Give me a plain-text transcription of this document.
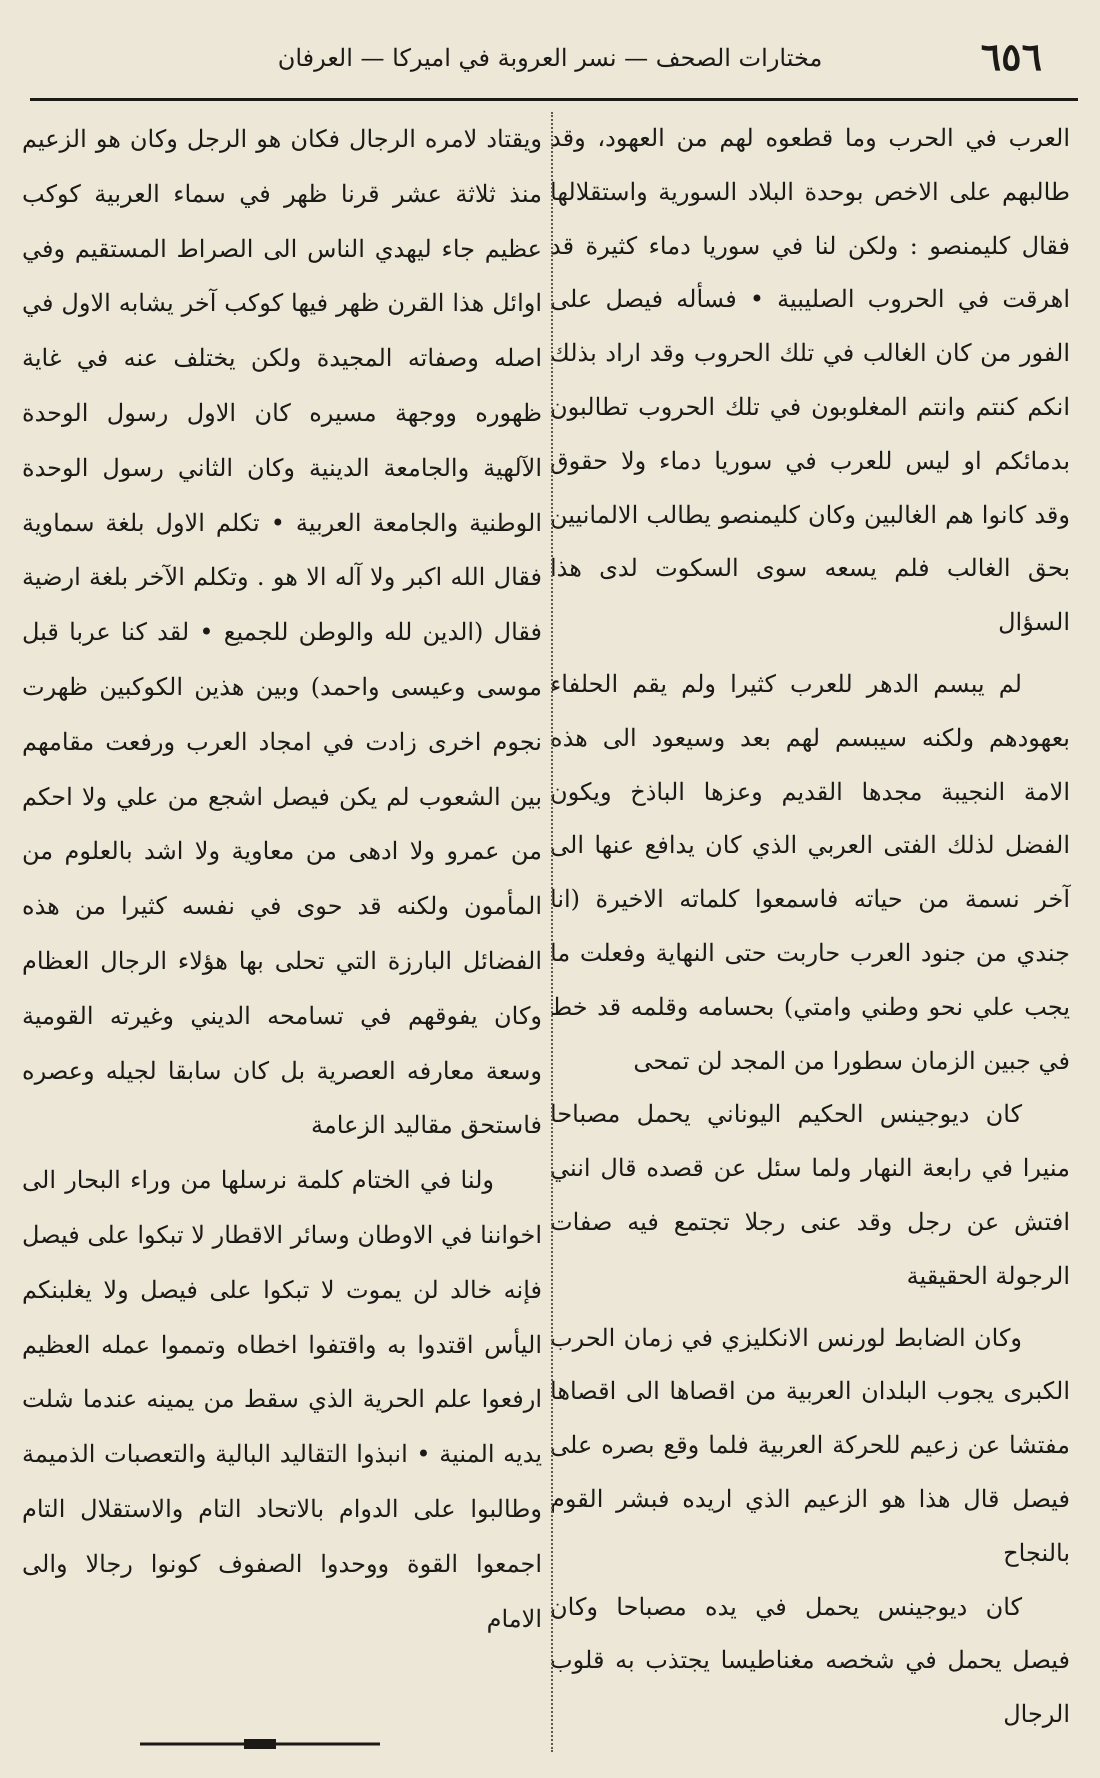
٦٥٦
مختارات الصحف — نسر العروبة في اميركا — العرفان

العرب في الحرب وما قطعوه لهم من العهود، وقد طالبهم على الاخص بوحدة البلاد السورية واستقلالها فقال كليمنصو : ولكن لنا في سوريا دماء كثيرة قد اهرقت في الحروب الصليبية • فسأله فيصل على الفور من كان الغالب في تلك الحروب وقد اراد بذلك انكم كنتم وانتم المغلوبون في تلك الحروب تطالبون بدمائكم او ليس للعرب في سوريا دماء ولا حقوق وقد كانوا هم الغالبين وكان كليمنصو يطالب الالمانيين بحق الغالب فلم يسعه سوى السكوت لدى هذا السؤال

لم يبسم الدهر للعرب كثيرا ولم يقم الحلفاء بعهودهم ولكنه سيبسم لهم بعد وسيعود الى هذه الامة النجيبة مجدها القديم وعزها الباذخ ويكون الفضل لذلك الفتى العربي الذي كان يدافع عنها الى آخر نسمة من حياته فاسمعوا كلماته الاخيرة (انا جندي من جنود العرب حاربت حتى النهاية وفعلت ما يجب علي نحو وطني وامتي) بحسامه وقلمه قد خط في جبين الزمان سطورا من المجد لن تمحى

كان ديوجينس الحكيم اليوناني يحمل مصباحا منيرا في رابعة النهار ولما سئل عن قصده قال انني افتش عن رجل وقد عنى رجلا تجتمع فيه صفات الرجولة الحقيقية

وكان الضابط لورنس الانكليزي في زمان الحرب الكبرى يجوب البلدان العربية من اقصاها الى اقصاها مفتشا عن زعيم للحركة العربية فلما وقع بصره على فيصل قال هذا هو الزعيم الذي اريده فبشر القوم بالنجاح

كان ديوجينس يحمل في يده مصباحا وكان فيصل يحمل في شخصه مغناطيسا يجتذب به قلوب الرجال

ويقتاد لامره الرجال فكان هو الرجل وكان هو الزعيم منذ ثلاثة عشر قرنا ظهر في سماء العربية كوكب عظيم جاء ليهدي الناس الى الصراط المستقيم وفي اوائل هذا القرن ظهر فيها كوكب آخر يشابه الاول في اصله وصفاته المجيدة ولكن يختلف عنه في غاية ظهوره ووجهة مسيره كان الاول رسول الوحدة الآلهية والجامعة الدينية وكان الثاني رسول الوحدة الوطنية والجامعة العربية • تكلم الاول بلغة سماوية فقال الله اكبر ولا آله الا هو . وتكلم الآخر بلغة ارضية فقال (الدين لله والوطن للجميع • لقد كنا عربا قبل موسى وعيسى واحمد) وبين هذين الكوكبين ظهرت نجوم اخرى زادت في امجاد العرب ورفعت مقامهم بين الشعوب لم يكن فيصل اشجع من علي ولا احكم من عمرو ولا ادهى من معاوية ولا اشد بالعلوم من المأمون ولكنه قد حوى في نفسه كثيرا من هذه الفضائل البارزة التي تحلى بها هؤلاء الرجال العظام وكان يفوقهم في تسامحه الديني وغيرته القومية وسعة معارفه العصرية بل كان سابقا لجيله وعصره فاستحق مقاليد الزعامة

ولنا في الختام كلمة نرسلها من وراء البحار الى اخواننا في الاوطان وسائر الاقطار لا تبكوا على فيصل فإنه خالد لن يموت لا تبكوا على فيصل ولا يغلبنكم اليأس اقتدوا به واقتفوا اخطاه وتمموا عمله العظيم ارفعوا علم الحرية الذي سقط من يمينه عندما شلت يديه المنية • انبذوا التقاليد البالية والتعصبات الذميمة وطالبوا على الدوام بالاتحاد التام والاستقلال التام اجمعوا القوة ووحدوا الصفوف كونوا رجالا والى الامام
